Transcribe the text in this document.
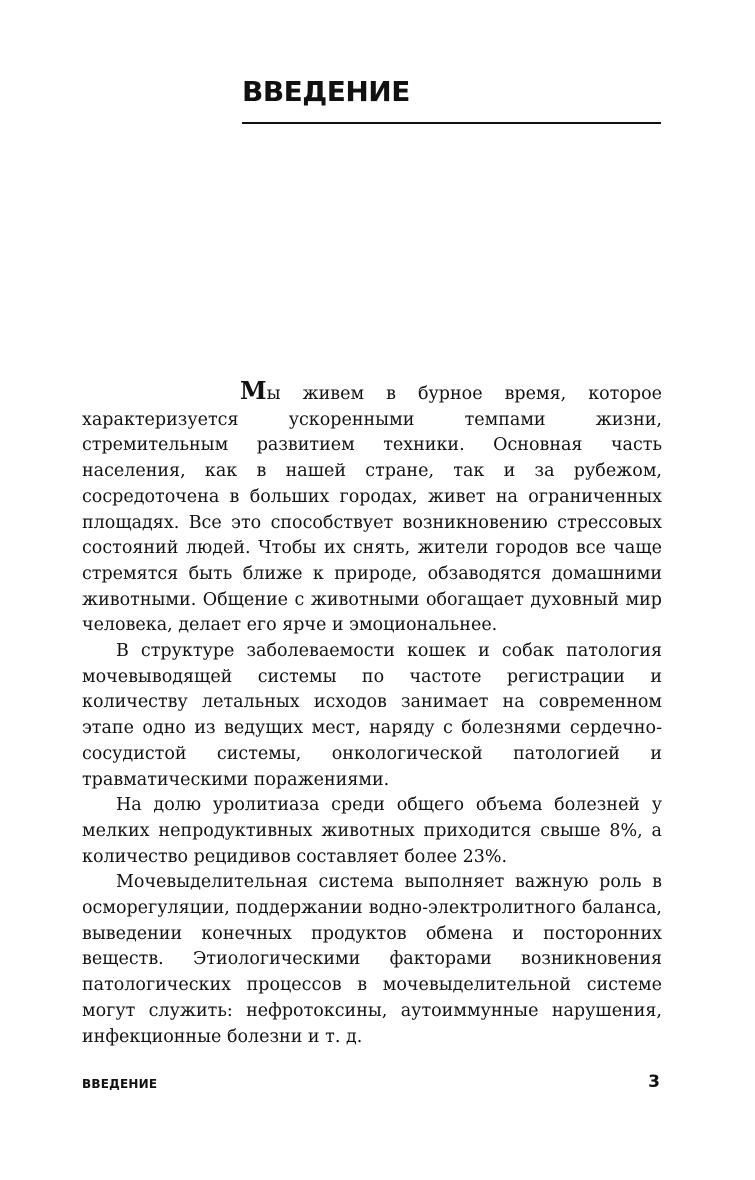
ВВЕДЕНИЕ

Мы живем в бурное время, которое характеризуется ускоренными темпами жизни, стремительным развитием техники. Основная часть населения, как в нашей стране, так и за рубежом, сосредоточена в больших городах, живет на ограниченных площадях. Все это способствует возникновению стрессовых состояний людей. Чтобы их снять, жители городов все чаще стремятся быть ближе к природе, обзаводятся домашними животными. Общение с животными обогащает духовный мир человека, делает его ярче и эмоциональнее.

В структуре заболеваемости кошек и собак патология мочевыводящей системы по частоте регистрации и количеству летальных исходов занимает на современном этапе одно из ведущих мест, наряду с болезнями сердечно-сосудистой системы, онкологической патологией и травматическими поражениями.

На долю уролитиаза среди общего объема болезней у мелких непродуктивных животных приходится свыше 8%, а количество рецидивов составляет более 23%.

Мочевыделительная система выполняет важную роль в осморегуляции, поддержании водно-электролитного баланса, выведении конечных продуктов обмена и посторонних веществ. Этиологическими факторами возникновения патологических процессов в мочевыделительной системе могут служить: нефротоксины, аутоиммунные нарушения, инфекционные болезни и т. д.

ВВЕДЕНИЕ	3
